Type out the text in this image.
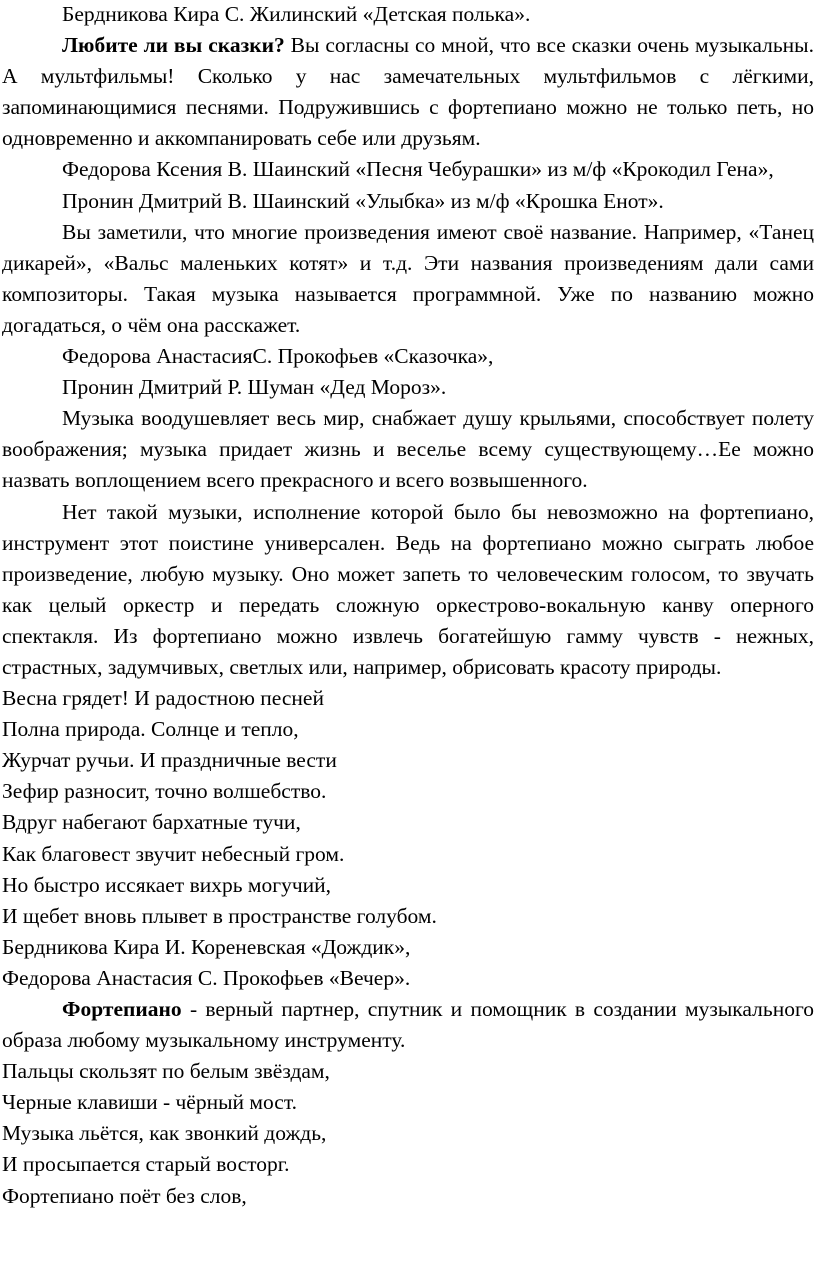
Бердникова Кира С. Жилинский «Детская полька».

Любите ли вы сказки? Вы согласны со мной, что все сказки очень музыкальны. А мультфильмы! Сколько у нас замечательных мультфильмов с лёгкими, запоминающимися песнями. Подружившись с фортепиано можно не только петь, но одновременно и аккомпанировать себе или друзьям.

Федорова Ксения В. Шаинский «Песня Чебурашки» из м/ф «Крокодил Гена»,

Пронин Дмитрий В. Шаинский «Улыбка» из м/ф «Крошка Енот».

Вы заметили, что многие произведения имеют своё название. Например, «Танец дикарей», «Вальс маленьких котят» и т.д. Эти названия произведениям дали сами композиторы. Такая музыка называется программной. Уже по названию можно догадаться, о чём она расскажет.

Федорова АнастасияС. Прокофьев «Сказочка»,

Пронин Дмитрий Р. Шуман «Дед Мороз».

Музыка воодушевляет весь мир, снабжает душу крыльями, способствует полету воображения; музыка придает жизнь и веселье всему существующему…Ее можно назвать воплощением всего прекрасного и всего возвышенного.

Нет такой музыки, исполнение которой было бы невозможно на фортепиано, инструмент этот поистине универсален. Ведь на фортепиано можно сыграть любое произведение, любую музыку. Оно может запеть то человеческим голосом, то звучать как целый оркестр и передать сложную оркестрово-вокальную канву оперного спектакля. Из фортепиано можно извлечь богатейшую гамму чувств - нежных, страстных, задумчивых, светлых или, например, обрисовать красоту природы.

Весна грядет! И радостною песней

Полна природа. Солнце и тепло,

Журчат ручьи. И праздничные вести

Зефир разносит, точно волшебство.

Вдруг набегают бархатные тучи,

Как благовест звучит небесный гром.

Но быстро иссякает вихрь могучий,

И щебет вновь плывет в пространстве голубом.

Бердникова Кира И. Кореневская «Дождик»,

Федорова Анастасия С. Прокофьев «Вечер».

Фортепиано - верный партнер, спутник и помощник в создании музыкального образа любому музыкальному инструменту.

Пальцы скользят по белым звёздам,

Черные клавиши - чёрный мост.

Музыка льётся, как звонкий дождь,

И просыпается старый восторг.

Фортепиано поёт без слов,
